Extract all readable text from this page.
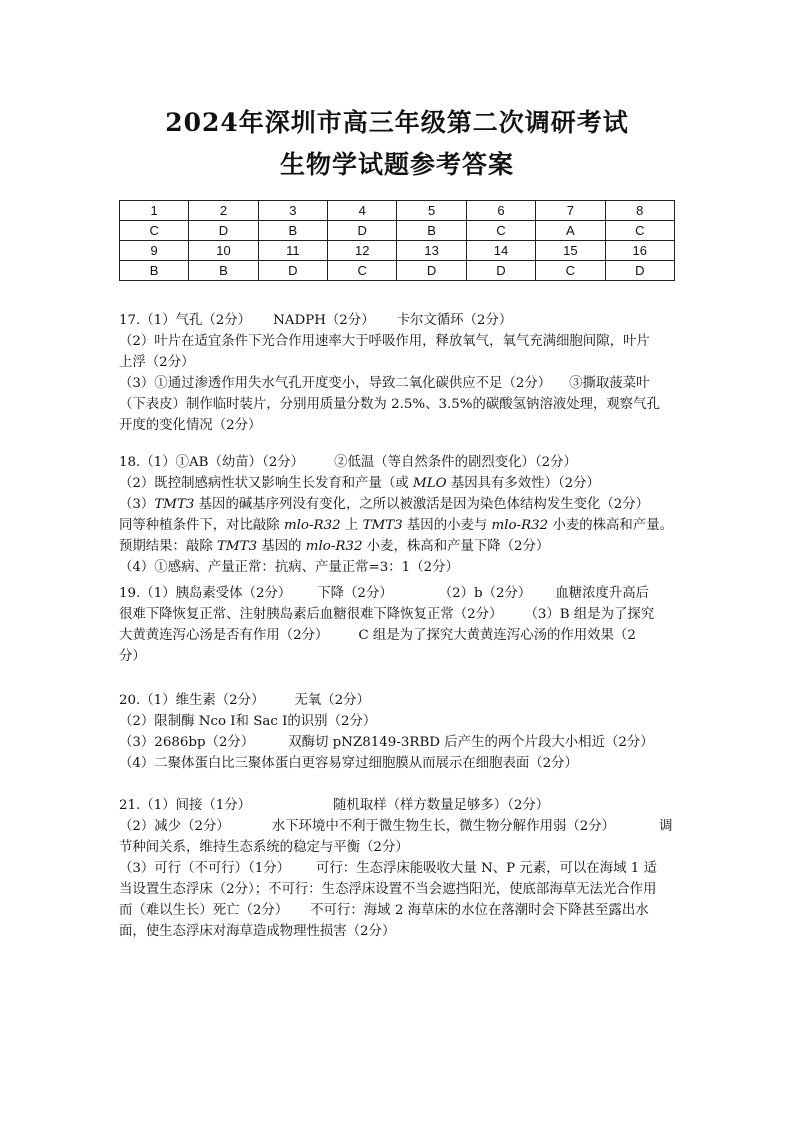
2024年深圳市高三年级第二次调研考试
生物学试题参考答案
1	2	3	4	5	6	7	8
C	D	B	D	B	C	A	C
9	10	11	12	13	14	15	16
B	B	D	C	D	D	C	D

17.（1）气孔（2分） NADPH（2分） 卡尔文循环（2分）

（2）叶片在适宜条件下光合作用速率大于呼吸作用，释放氧气，氧气充满细胞间隙，叶片

上浮（2分）

（3）①通过渗透作用失水气孔开度变小，导致二氧化碳供应不足（2分） ③撕取菠菜叶

（下表皮）制作临时装片，分别用质量分数为 2.5%、3.5%的碳酸氢钠溶液处理，观察气孔

开度的变化情况（2分）

18.（1）①AB（幼苗）（2分） ②低温（等自然条件的剧烈变化）（2分）

（2）既控制感病性状又影响生长发育和产量（或 MLO 基因具有多效性）（2分）

（3）TMT3 基因的碱基序列没有变化，之所以被激活是因为染色体结构发生变化（2分）

同等种植条件下，对比敲除 mlo-R32 上 TMT3 基因的小麦与 mlo-R32 小麦的株高和产量。

预期结果：敲除 TMT3 基因的 mlo-R32 小麦，株高和产量下降（2分）

（4）①感病、产量正常：抗病、产量正常=3：1（2分）

19.（1）胰岛素受体（2分） 下降（2分）	（2）b（2分） 血糖浓度升高后

很难下降恢复正常、注射胰岛素后血糖很难下降恢复正常（2分） （3）B 组是为了探究

大黄黄连泻心汤是否有作用（2分） C 组是为了探究大黄黄连泻心汤的作用效果（2

分）

20.（1）维生素（2分） 无氧（2分）

（2）限制酶 Nco Ⅰ和 Sac Ⅰ的识别（2分）

（3）2686bp（2分）	双酶切 pNZ8149-3RBD 后产生的两个片段大小相近（2分）

（4）二聚体蛋白比三聚体蛋白更容易穿过细胞膜从而展示在细胞表面（2分）

21.（1）间接（1分）	随机取样（样方数量足够多）（2分）

（2）减少（2分）	水下环境中不利于微生物生长，微生物分解作用弱（2分）	调

节种间关系，维持生态系统的稳定与平衡（2分）

（3）可行（不可行）（1分） 可行：生态浮床能吸收大量 N、P 元素，可以在海域 1 适

当设置生态浮床（2分）；不可行：生态浮床设置不当会遮挡阳光，使底部海草无法光合作用

而（难以生长）死亡（2分） 不可行：海域 2 海草床的水位在落潮时会下降甚至露出水

面，使生态浮床对海草造成物理性损害（2分）
